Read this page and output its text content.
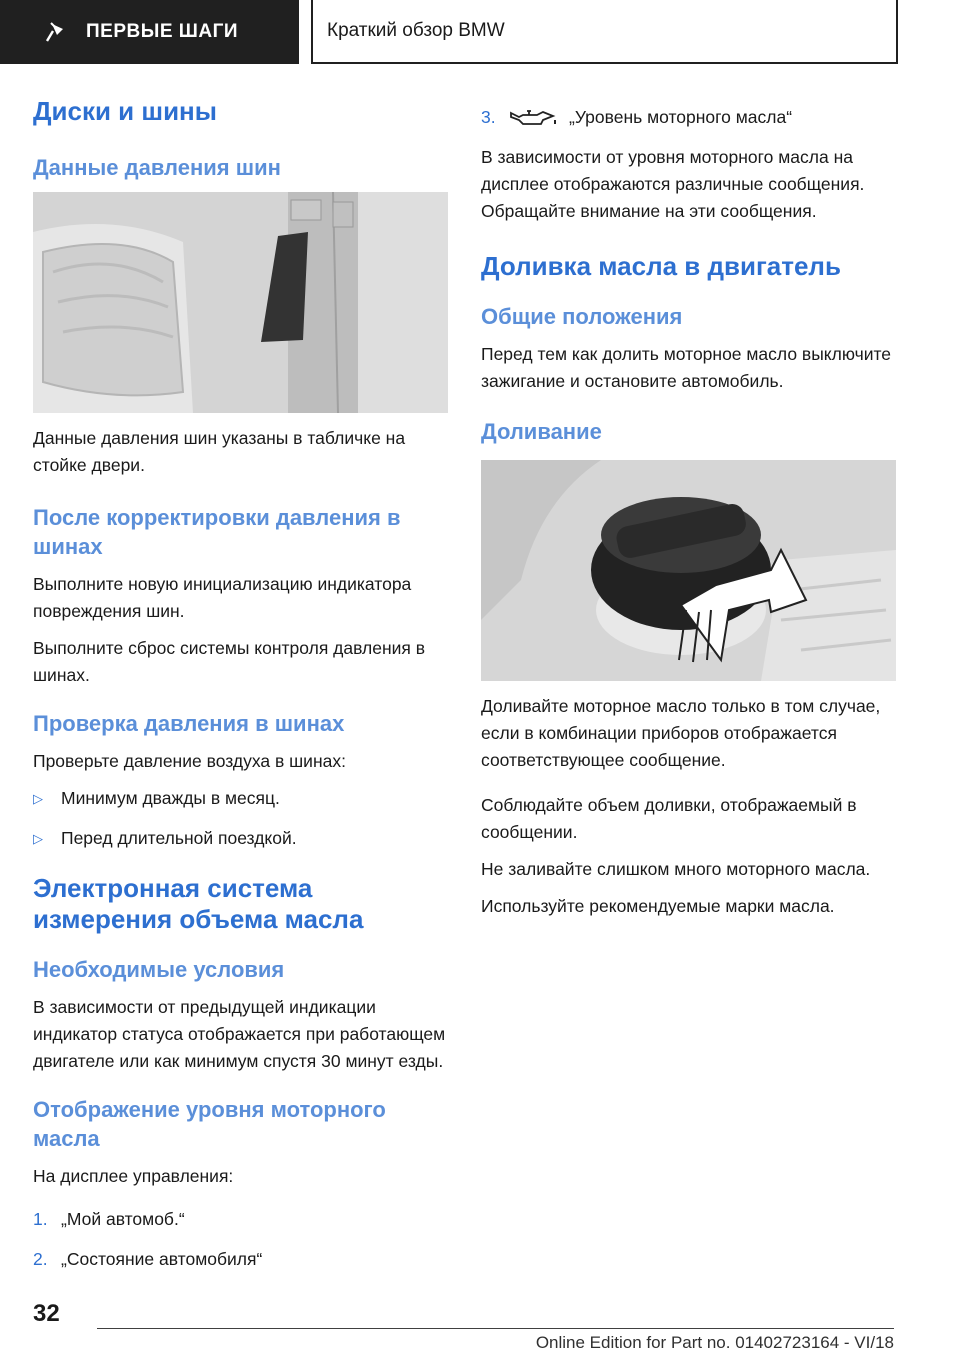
ПЕРВЫЕ ШАГИ	Краткий обзор BMW
Диски и шины
Данные давления шин

Данные давления шин указаны в табличке на стойке двери.

После корректировки давления в шинах

Выполните новую инициализацию индикатора повреждения шин.

Выполните сброс системы контроля давления в шинах.

Проверка давления в шинах

Проверьте давление воздуха в шинах:

▷	Минимум дважды в месяц.
▷	Перед длительной поездкой.
Электронная система измерения объема масла
Необходимые условия

В зависимости от предыдущей индикации индикатор статуса отображается при работающем двигателе или как минимум спустя 30 минут езды.

Отображение уровня моторного масла

На дисплее управления:

1. „Мой автомоб.“
2. „Состояние автомобиля“
3.	„Уровень моторного масла“

В зависимости от уровня моторного масла на дисплее отображаются различные сообщения. Обращайте внимание на эти сообщения.

Доливка масла в двигатель
Общие положения

Перед тем как долить моторное масло выключите зажигание и остановите автомобиль.

Доливание

Доливайте моторное масло только в том случае, если в комбинации приборов отображается соответствующее сообщение.

Соблюдайте объем доливки, отображаемый в сообщении.

Не заливайте слишком много моторного масла.

Используйте рекомендуемые марки масла.

32
Online Edition for Part no. 01402723164 - VI/18
